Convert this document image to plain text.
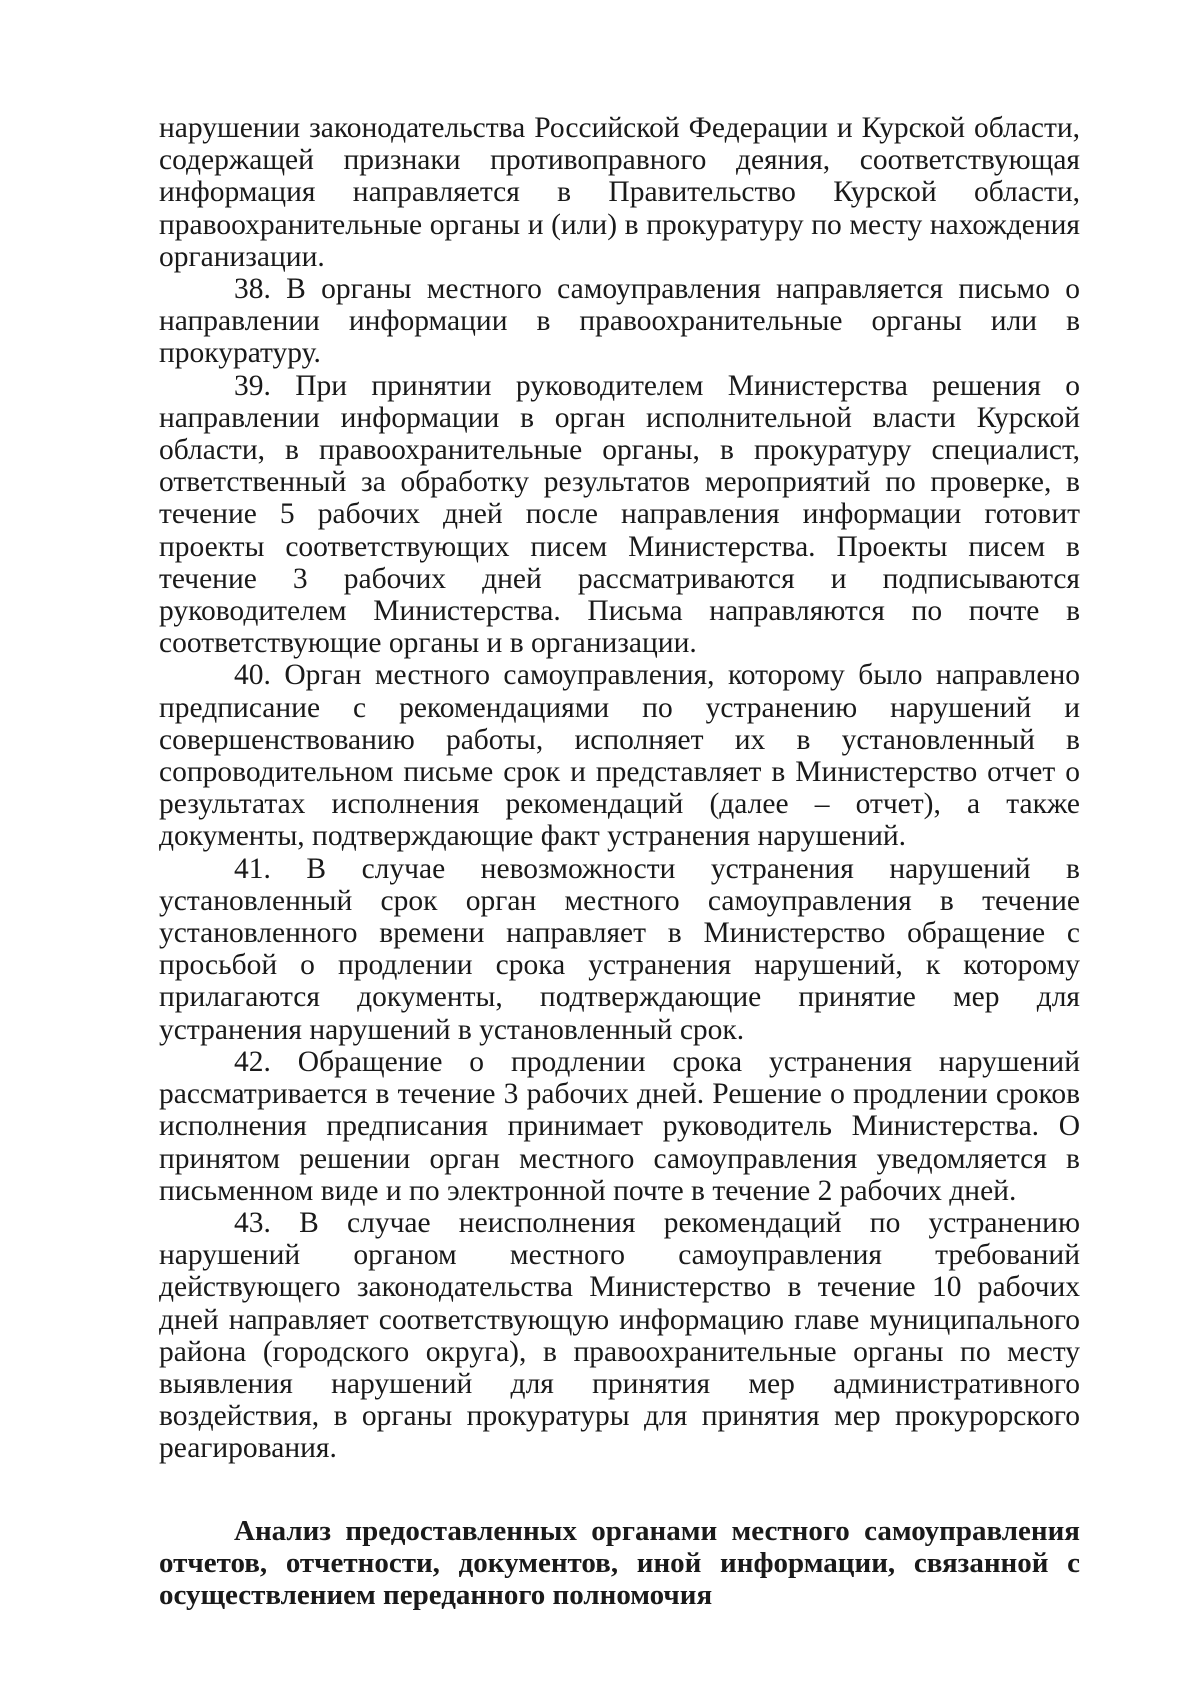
нарушении законодательства Российской Федерации и Курской области, содержащей признаки противоправного деяния, соответствующая информация направляется в Правительство Курской области, правоохранительные органы и (или) в прокуратуру по месту нахождения организации.

38. В органы местного самоуправления направляется письмо о направлении информации в правоохранительные органы или в прокуратуру.

39. При принятии руководителем Министерства решения о направлении информации в орган исполнительной власти Курской области, в правоохранительные органы, в прокуратуру специалист, ответственный за обработку результатов мероприятий по проверке, в течение 5 рабочих дней после направления информации готовит проекты соответствующих писем Министерства. Проекты писем в течение 3 рабочих дней рассматриваются и подписываются руководителем Министерства. Письма направляются по почте в соответствующие органы и в организации.

40. Орган местного самоуправления, которому было направлено предписание с рекомендациями по устранению нарушений и совершенствованию работы, исполняет их в установленный в сопроводительном письме срок и представляет в Министерство отчет о результатах исполнения рекомендаций (далее – отчет), а также документы, подтверждающие факт устранения нарушений.

41. В случае невозможности устранения нарушений в установленный срок орган местного самоуправления в течение установленного времени направляет в Министерство обращение с просьбой о продлении срока устранения нарушений, к которому прилагаются документы, подтверждающие принятие мер для устранения нарушений в установленный срок.

42. Обращение о продлении срока устранения нарушений рассматривается в течение 3 рабочих дней. Решение о продлении сроков исполнения предписания принимает руководитель Министерства. О принятом решении орган местного самоуправления уведомляется в письменном виде и по электронной почте в течение 2 рабочих дней.

43. В случае неисполнения рекомендаций по устранению нарушений органом местного самоуправления требований действующего законодательства Министерство в течение 10 рабочих дней направляет соответствующую информацию главе муниципального района (городского округа), в правоохранительные органы по месту выявления нарушений для принятия мер административного воздействия, в органы прокуратуры для принятия мер прокурорского реагирования.

Анализ предоставленных органами местного самоуправления отчетов, отчетности, документов, иной информации, связанной с осуществлением переданного полномочия
